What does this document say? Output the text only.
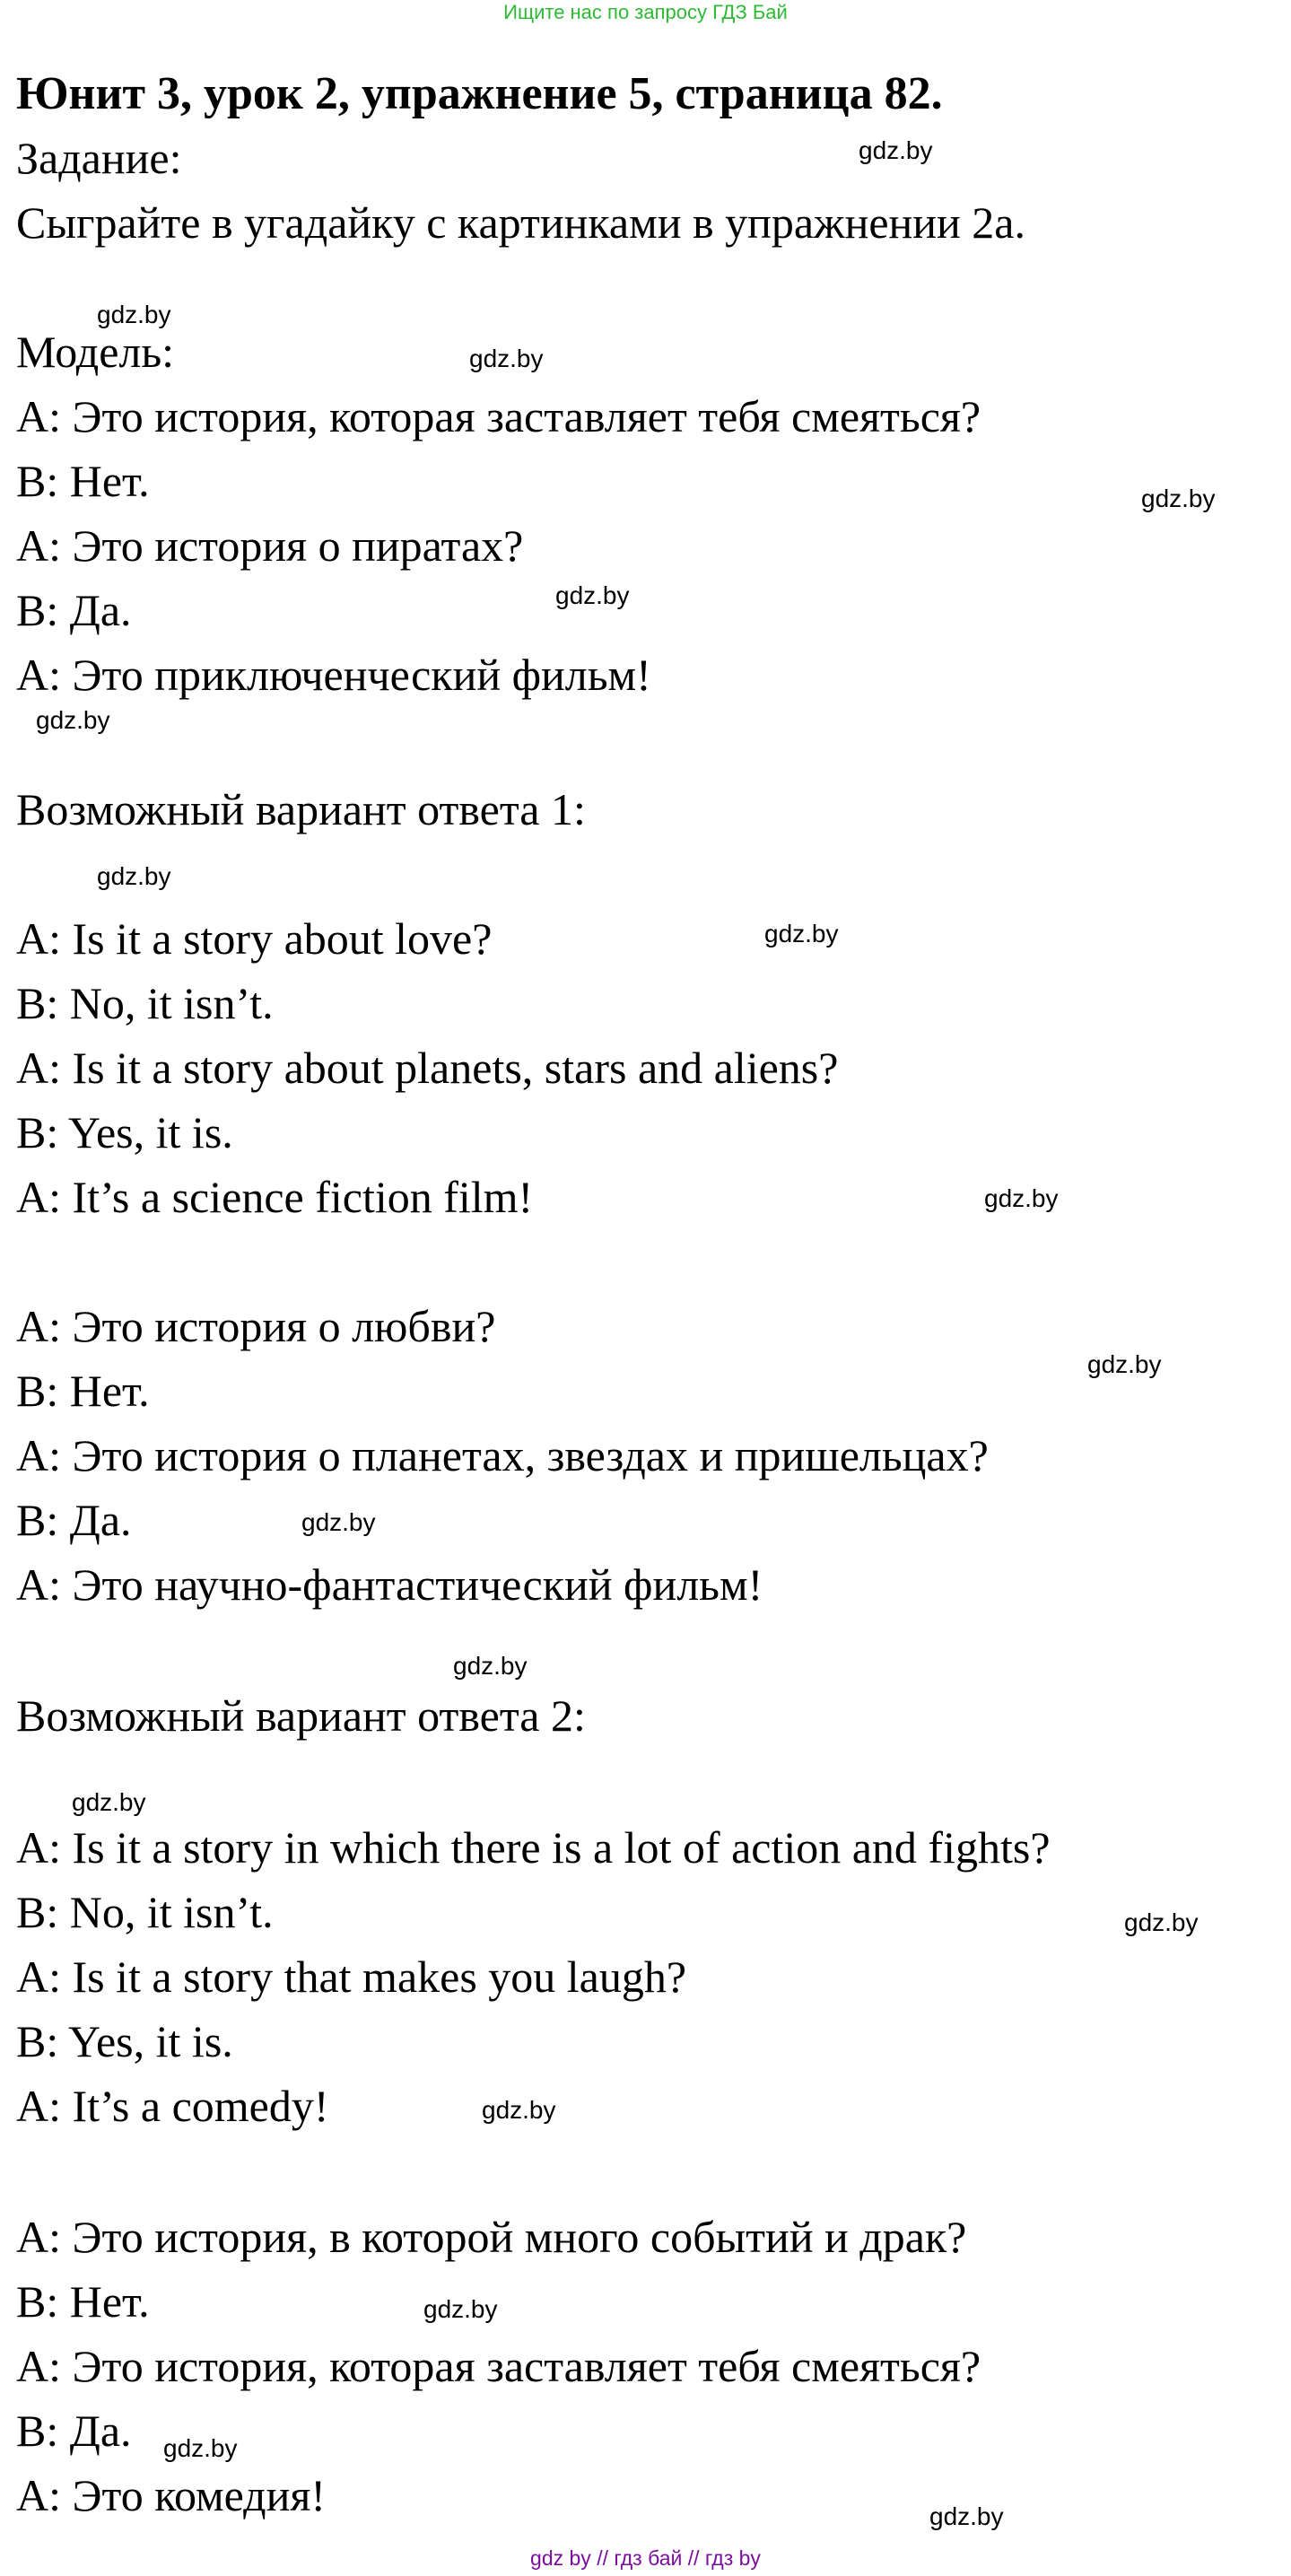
Ищите нас по запросу ГДЗ Бай
Юнит 3, урок 2, упражнение 5, страница 82.
Задание:
Сыграйте в угадайку с картинками в упражнении 2а.
Модель:
A: Это история, которая заставляет тебя смеяться?
B: Нет.
A: Это история о пиратах?
B: Да.
A: Это приключенческий фильм!
Возможный вариант ответа 1:
A: Is it a story about love?
B: No, it isn’t.
A: Is it a story about planets, stars and aliens?
B: Yes, it is.
A: It’s a science fiction film!
A: Это история о любви?
B: Нет.
A: Это история о планетах, звездах и пришельцах?
B: Да.
A: Это научно-фантастический фильм!
Возможный вариант ответа 2:
A: Is it a story in which there is a lot of action and fights?
B: No, it isn’t.
A: Is it a story that makes you laugh?
B: Yes, it is.
A: It’s a comedy!
A: Это история, в которой много событий и драк?
B: Нет.
A: Это история, которая заставляет тебя смеяться?
B: Да.
A: Это комедия!
gdz.by
gdz.by
gdz.by
gdz.by
gdz.by
gdz.by
gdz.by
gdz.by
gdz.by
gdz.by
gdz.by
gdz.by
gdz.by
gdz.by
gdz.by
gdz.by
gdz.by
gdz.by
gdz by // гдз бай // гдз by
